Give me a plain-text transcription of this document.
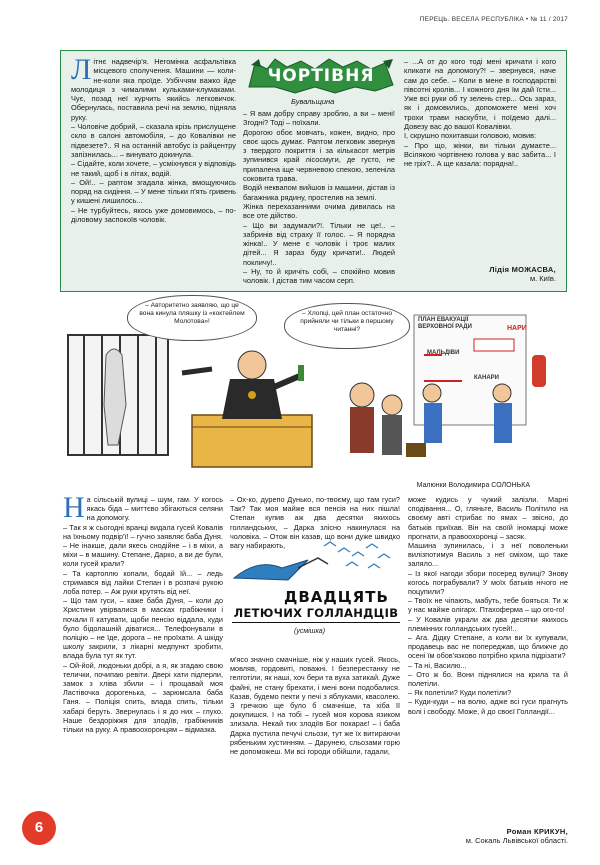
ПЕРЕЦЬ. ВЕСЕЛА РЕСПУБЛІКА • № 11 / 2017
Літнє надвечір'я. Негомінка асфальтівка місцевого сполучення. Машини — коли-не-коли яка проїде. Узбіччям важко йде молодиця з чималими кульками-клумаками. Чує, позад неї хурчить якийсь легковичок. Обернулась, поставила речі на землю, підняла руку.
– Чоловіче добрий, – сказала крізь прислущене скло в салоні автомобіля, – до Ковалівки не підвезете?.. Я на останній автобус із райцентру запізнилась... – винувато докинула.
– Сідайте, коли хочете, – усміхнувся у відповідь не такий, щоб і в літах, водій.
– Ой!.. – раптом згадала жінка, вмощуючись поряд на сидіння. – У мене тільки п'ять гривень у кишені лишилось...
– Не турбуйтесь, якось уже домовимось, – по-діловому заспокоїв чоловік.
ЧОРТІВНЯ
Бувальщина
– Я вам добру справу зроблю, а ви – мені! Згодні? Тоді – поїхали.
Дорогою обоє мовчать, кожен, видно, про своє щось думає. Раптом легковик звернув з твердого покриття і за кількасот метрів зупинився край лісосмуги, де густо, не припалена іще червневою спекою, зеленіла соковита трава.
Водій неквапом вийшов із машини, дістав із багажника рядину, простелив на землі.
Жінка перехазанними очима дивилась на все оте дійство.
– Що ви задумали?!. Тільки не це!.. – забринів від страху її голос. – Я порядна жінка!.. У мене є чоловік і троє малих дітей... Я зараз буду кричати!.. Людей покличу!..
– Ну, то й кричіть собі, – спокійно мовив чоловік. І дістав тим часом серп.
– ...А от до кого тоді мені кричати і кого кликати на допомогу?! – звернувся, наче сам до себе. – Коли в мене в господарстві півсотні кролів... І кожного дня їм дай їсти... Уже всі руки об ту зелень стер... Ось зараз, як і домовились, допоможете мені хоч трохи трави наскубти, і поїдемо далі... Довезу вас до вашої Ковалівки.
І, скрушно похитавши головою, мовив:
– Про що, жінки, ви тільки думаєте... Всілякою чортівнею голова у вас забита... І не гріх?.. А ще казала: порядна!..
Лідія МОЖАСВА,
м. Київ.
– Авторитетно заявляю, що це вона кинула пляшку із «коктейлем Молотова»!
– Хлопці, цей план остаточно прийняли чи тільки в першому читанні?
ПЛАН ЕВАКУАЦІЇ ВЕРХОВНОЇ РАДИ	НАРИ
МАЛЬДІВИ
КАНАРИ
Малюнки Володимира СОЛОНЬКА
На сільській вулиці – шум, гам. У когось якась біда – миттєво збігаються селяни на допомогу.
– Так я ж сьогодні вранці видала гусей Ковалів на їхньому подвір'ї! – гучно заявляє баба Дуня.
– Не інакше, дали якесь снодійне – і в міхи, а міхи – в машину. Степане, Дарко, а ви де були, коли гусей крали?
– Та картоплю копали, бодай їй... – ледь стримався від лайки Степан і в розпачі рукою лоба потер. – Аж руки крутять від неї.
– Що там гуси, – каже баба Дуня, – коли до Христини увірвалися в масках грабіжники і почали її катувати, щоби пенсію віддала, куди було бідолашній діватися... Телефонували в поліцію – не їде, дорога – не проїхати. А шкіду школу закрили, з лікарні медпункт зробити, влада була тут як тут.
– Ой-йой, людоньки добрі, а я, як згадаю свою телички, почипаю ревіти. Двері хати підперли, замок з хліва збили – і прощавай моя Ластівочка дорогенька, – зарюмсала баба Ганя. – Поліція спить, влада спить, тільки хабарі беруть. Звернулась і я до них – глухо. Наше бездоріжжя для злодіїв, грабіжників тільки на руку. А правоохоронцям – відмазка.
– Ох-ко, дурепо Дунько, по-твоєму, що там гуси? Так? Так моя майже вся пенсія на них пішла! Степан купив аж два десятки якихось голландських, – Дарка злісно накинулася на чоловіка. – Отож він казав, що вони дуже швидко вагу набирають,
ДВАДЦЯТЬ
ЛЕТЮЧИХ ГОЛЛАНДЦІВ
(усмішка)
м'ясо значно смачніше, ніж у наших гусей. Якось, мовляв, гордовиті, поважні. І безперестанку не гелготіли, як наші, хоч бери та вуха затикай. Дуже файні, не стану брехати, і мені вони подобалися. Казав, будемо пекти у печі з яблуками, квасолею. З гречкою ще було б смачніше, та хіба її докупишся. І на тобі – гусей моя корова язиком злизала. Некай тих злодіїв Бог покарає! – і баба Дарка пустила печучі сльози, тут же їх витираючи рябеньким хустинням. – Дарунею, сльозами горю не допоможеш. Ми всі городи обійшли, гадали,
може кудись у чужий залізли. Марні сподівання... О, гляньте, Василь Політило на своєму авті стрибає по ямах – звісно, до батьків приїхав. Він на своїй іномарці може прогнати, а правоохоронці – засяк.
Машина зупинилась, і з неї поволеньки вилізпотимуя Василь з неї сміхом, що таке заляло...
– Із якої нагоди збори посеред вулиці? Знову когось пограбували? У моїх батьків нічого не поцупили?
– Твоїх не чіпають, мабуть, тебе бояться. Ти ж у нас майже олігарх. Птахоферма – що ого-го!
– У Ковалів украли аж два десятки якихось племінних голландських гусей!..
– Ага. Дідку Степане, а коли ви їх купували, продавець вас не попереджав, що ближче до осені їм обов'язково потрібно крила підрізати?
– Та ні, Василю...
– Ото ж бо. Вони піднялися на крила та й полетіли.
– Як полетіли? Куди полетіли?
– Куди-куди – на волю, адже всі гуси прагнуть волі і свободу. Може, й до своєї Голландії...
Роман КРИКУН,
м. Сокаль Львівської області.
6
